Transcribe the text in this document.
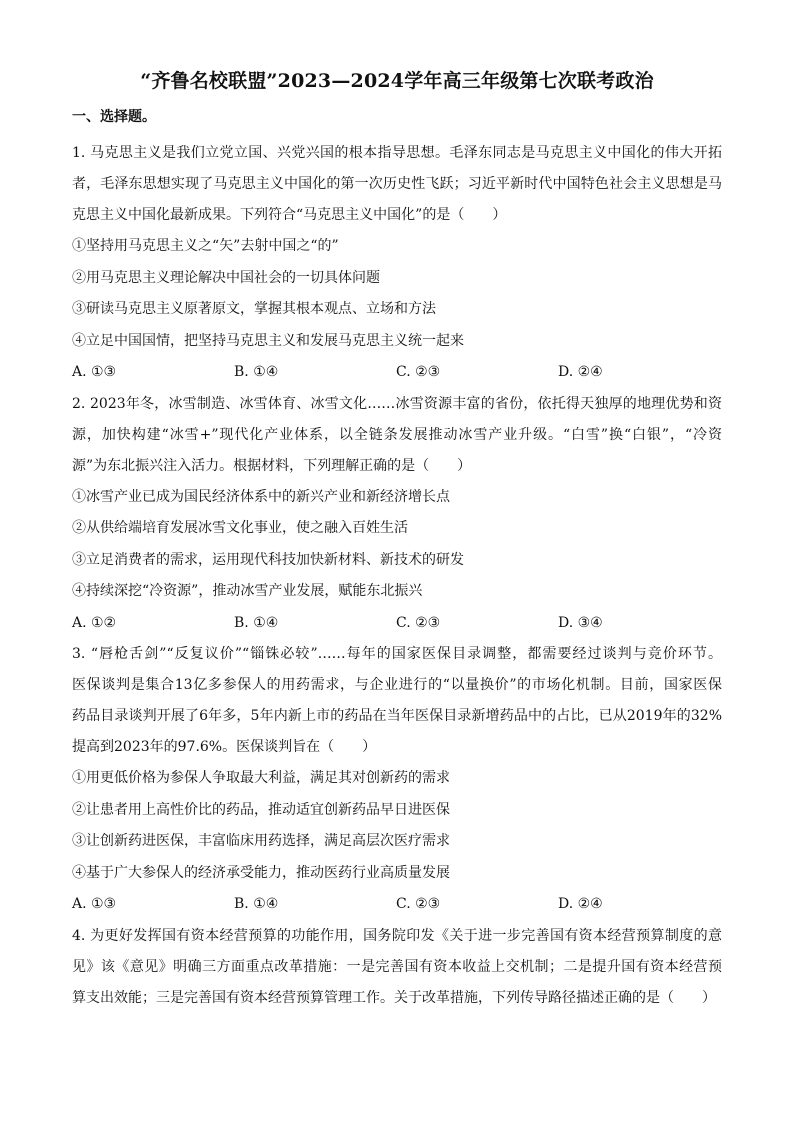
“齐鲁名校联盟”2023—2024学年高三年级第七次联考政治
一、选择题。
1. 马克思主义是我们立党立国、兴党兴国的根本指导思想。毛泽东同志是马克思主义中国化的伟大开拓
者，毛泽东思想实现了马克思主义中国化的第一次历史性飞跃；习近平新时代中国特色社会主义思想是马
克思主义中国化最新成果。下列符合“马克思主义中国化”的是（　　）
①坚持用马克思主义之“矢”去射中国之“的”
②用马克思主义理论解决中国社会的一切具体问题
③研读马克思主义原著原文，掌握其根本观点、立场和方法
④立足中国国情，把坚持马克思主义和发展马克思主义统一起来
A. ①③	B. ①④	C. ②③	D. ②④
2. 2023年冬，冰雪制造、冰雪体育、冰雪文化……冰雪资源丰富的省份，依托得天独厚的地理优势和资
源，加快构建“冰雪+”现代化产业体系，以全链条发展推动冰雪产业升级。“白雪”换“白银”，“冷资
源”为东北振兴注入活力。根据材料，下列理解正确的是（　　）
①冰雪产业已成为国民经济体系中的新兴产业和新经济增长点
②从供给端培育发展冰雪文化事业，使之融入百姓生活
③立足消费者的需求，运用现代科技加快新材料、新技术的研发
④持续深挖“冷资源”，推动冰雪产业发展，赋能东北振兴
A. ①②	B. ①④	C. ②③	D. ③④
3. “唇枪舌剑”“反复议价”“锱铢必较”……每年的国家医保目录调整，都需要经过谈判与竞价环节。
医保谈判是集合13亿多参保人的用药需求，与企业进行的“以量换价”的市场化机制。目前，国家医保
药品目录谈判开展了6年多，5年内新上市的药品在当年医保目录新增药品中的占比，已从2019年的32%
提高到2023年的97.6%。医保谈判旨在（　　）
①用更低价格为参保人争取最大利益，满足其对创新药的需求
②让患者用上高性价比的药品，推动适宜创新药品早日进医保
③让创新药进医保，丰富临床用药选择，满足高层次医疗需求
④基于广大参保人的经济承受能力，推动医药行业高质量发展
A. ①③	B. ①④	C. ②③	D. ②④
4. 为更好发挥国有资本经营预算的功能作用，国务院印发《关于进一步完善国有资本经营预算制度的意
见》该《意见》明确三方面重点改革措施：一是完善国有资本收益上交机制；二是提升国有资本经营预
算支出效能；三是完善国有资本经营预算管理工作。关于改革措施，下列传导路径描述正确的是（　　）
